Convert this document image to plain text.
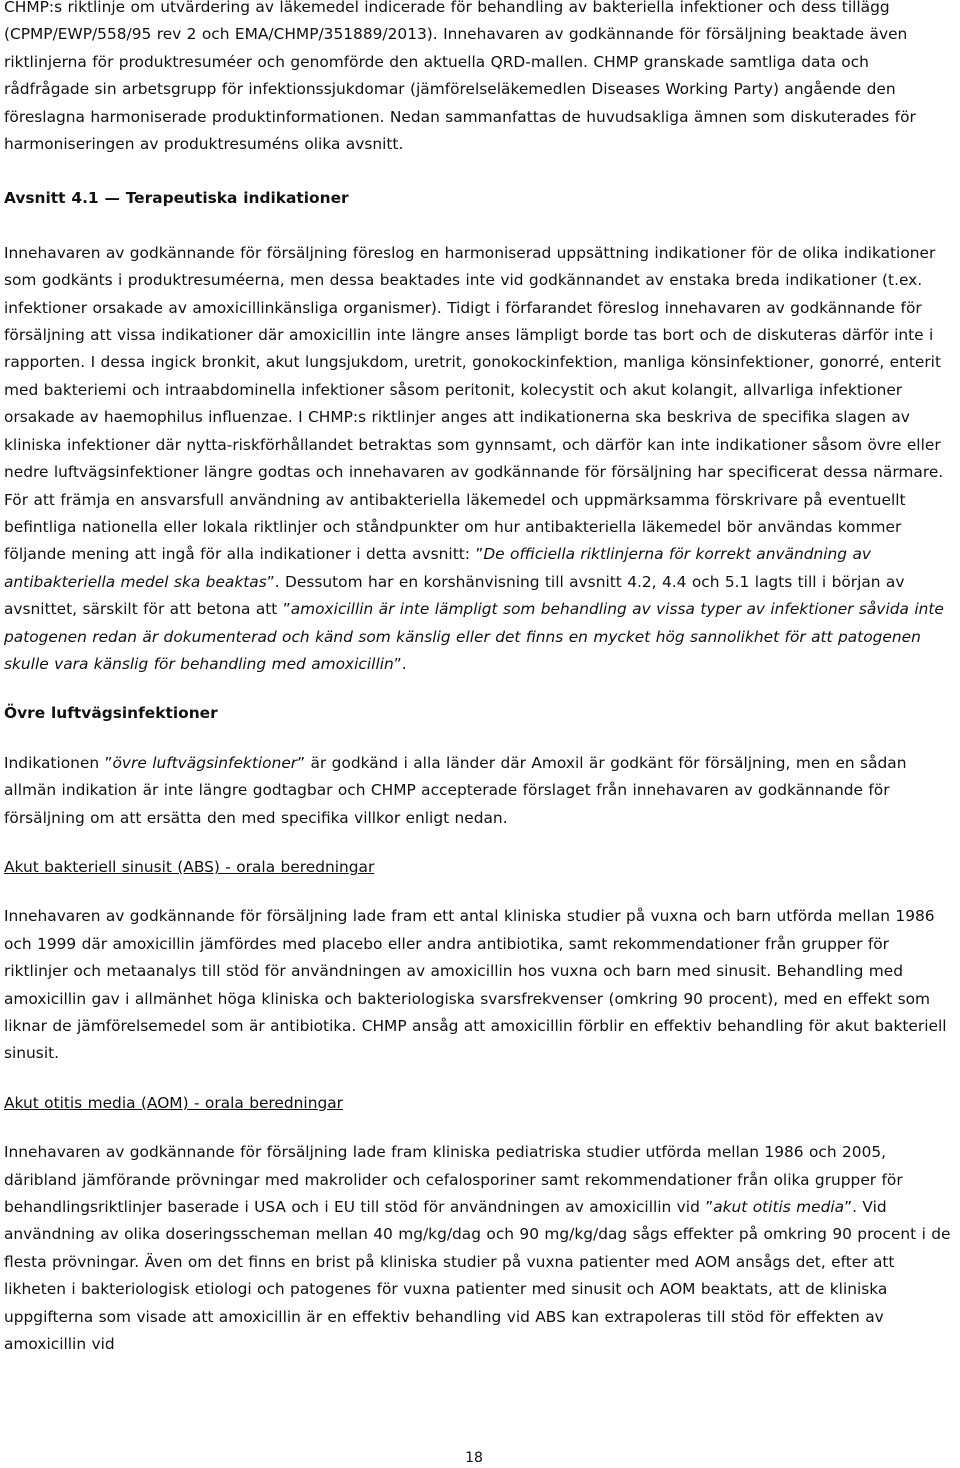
CHMP:s riktlinje om utvärdering av läkemedel indicerade för behandling av bakteriella infektioner och dess tillägg (CPMP/EWP/558/95 rev 2 och EMA/CHMP/351889/2013). Innehavaren av godkännande för försäljning beaktade även riktlinjerna för produktresuméer och genomförde den aktuella QRD-mallen. CHMP granskade samtliga data och rådfrågade sin arbetsgrupp för infektionssjukdomar (jämförelseläkemedlen Diseases Working Party) angående den föreslagna harmoniserade produktinformationen. Nedan sammanfattas de huvudsakliga ämnen som diskuterades för harmoniseringen av produktresuméns olika avsnitt.

Avsnitt 4.1 — Terapeutiska indikationer

Innehavaren av godkännande för försäljning föreslog en harmoniserad uppsättning indikationer för de olika indikationer som godkänts i produktresuméerna, men dessa beaktades inte vid godkännandet av enstaka breda indikationer (t.ex. infektioner orsakade av amoxicillinkänsliga organismer). Tidigt i förfarandet föreslog innehavaren av godkännande för försäljning att vissa indikationer där amoxicillin inte längre anses lämpligt borde tas bort och de diskuteras därför inte i rapporten. I dessa ingick bronkit, akut lungsjukdom, uretrit, gonokockinfektion, manliga könsinfektioner, gonorré, enterit med bakteriemi och intraabdominella infektioner såsom peritonit, kolecystit och akut kolangit, allvarliga infektioner orsakade av haemophilus influenzae. I CHMP:s riktlinjer anges att indikationerna ska beskriva de specifika slagen av kliniska infektioner där nytta-riskförhållandet betraktas som gynnsamt, och därför kan inte indikationer såsom övre eller nedre luftvägsinfektioner längre godtas och innehavaren av godkännande för försäljning har specificerat dessa närmare. För att främja en ansvarsfull användning av antibakteriella läkemedel och uppmärksamma förskrivare på eventuellt befintliga nationella eller lokala riktlinjer och ståndpunkter om hur antibakteriella läkemedel bör användas kommer följande mening att ingå för alla indikationer i detta avsnitt: ”De officiella riktlinjerna för korrekt användning av antibakteriella medel ska beaktas”. Dessutom har en korshänvisning till avsnitt 4.2, 4.4 och 5.1 lagts till i början av avsnittet, särskilt för att betona att ”amoxicillin är inte lämpligt som behandling av vissa typer av infektioner såvida inte patogenen redan är dokumenterad och känd som känslig eller det finns en mycket hög sannolikhet för att patogenen skulle vara känslig för behandling med amoxicillin”.

Övre luftvägsinfektioner

Indikationen ”övre luftvägsinfektioner” är godkänd i alla länder där Amoxil är godkänt för försäljning, men en sådan allmän indikation är inte längre godtagbar och CHMP accepterade förslaget från innehavaren av godkännande för försäljning om att ersätta den med specifika villkor enligt nedan.

Akut bakteriell sinusit (ABS) - orala beredningar

Innehavaren av godkännande för försäljning lade fram ett antal kliniska studier på vuxna och barn utförda mellan 1986 och 1999 där amoxicillin jämfördes med placebo eller andra antibiotika, samt rekommendationer från grupper för riktlinjer och metaanalys till stöd för användningen av amoxicillin hos vuxna och barn med sinusit. Behandling med amoxicillin gav i allmänhet höga kliniska och bakteriologiska svarsfrekvenser (omkring 90 procent), med en effekt som liknar de jämförelsemedel som är antibiotika. CHMP ansåg att amoxicillin förblir en effektiv behandling för akut bakteriell sinusit.

Akut otitis media (AOM) - orala beredningar

Innehavaren av godkännande för försäljning lade fram kliniska pediatriska studier utförda mellan 1986 och 2005, däribland jämförande prövningar med makrolider och cefalosporiner samt rekommendationer från olika grupper för behandlingsriktlinjer baserade i USA och i EU till stöd för användningen av amoxicillin vid ”akut otitis media”. Vid användning av olika doseringsscheman mellan 40 mg/kg/dag och 90 mg/kg/dag sågs effekter på omkring 90 procent i de flesta prövningar. Även om det finns en brist på kliniska studier på vuxna patienter med AOM ansågs det, efter att likheten i bakteriologisk etiologi och patogenes för vuxna patienter med sinusit och AOM beaktats, att de kliniska uppgifterna som visade att amoxicillin är en effektiv behandling vid ABS kan extrapoleras till stöd för effekten av amoxicillin vid

18
